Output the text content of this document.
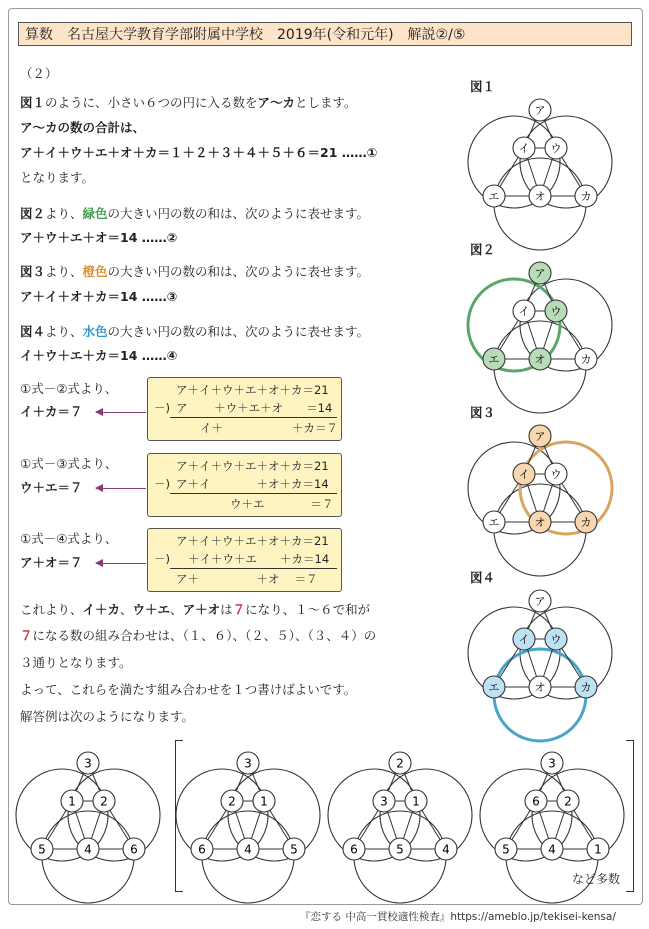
算数　名古屋大学教育学部附属中学校　2019年(令和元年)　解説②/⑤
（２）
図１のように、小さい６つの円に入る数をア～カとします。
ア～カの数の合計は、
ア＋イ＋ウ＋エ＋オ＋カ＝１＋２＋３＋４＋５＋６＝21 ……①
となります。
図２より、緑色の大きい円の数の和は、次のように表せます。
ア＋ウ＋エ＋オ＝14 ……②
図３より、橙色の大きい円の数の和は、次のように表せます。
ア＋イ＋オ＋カ＝14 ……③
図４より、水色の大きい円の数の和は、次のように表せます。
イ＋ウ＋エ＋カ＝14 ……④
①式－②式より、
イ＋カ＝７
ア＋イ＋ウ＋エ＋オ＋カ＝21
－) ア　 　＋ウ＋エ＋オ　　＝14
イ＋　　　　　　＋カ＝７
①式－③式より、
ウ＋エ＝７
ア＋イ＋ウ＋エ＋オ＋カ＝21
－) ア＋イ　　　　＋オ＋カ＝14
ウ＋エ　　　　＝７
①式－④式より、
ア＋オ＝７
ア＋イ＋ウ＋エ＋オ＋カ＝21
－) ＋イ＋ウ＋エ　　＋カ＝14
ア＋　　　　　＋オ　 ＝７
これより、イ＋カ、ウ＋エ、ア＋オは７になり、１～６で和が
７になる数の組み合わせは、（１、６）、（２、５）、（３、４）の
３通りとなります。
よって、これらを満たす組み合わせを１つ書けばよいです。
解答例は次のようになります。
図１
図２
図３
図４
ア
イ ウ
エ	オ	カ
ア
イ ウ
エ	オ	カ
ア
イ ウ
エ	オ	カ
ア
イ ウ
エ	オ	カ
3
1 2
5	4	6
3
2 1
6	4	5
2
3 1
6	5	4
3
6 2
5	4	1
など多数
『恋する 中高一貫校適性検査』https://ameblo.jp/tekisei-kensa/
